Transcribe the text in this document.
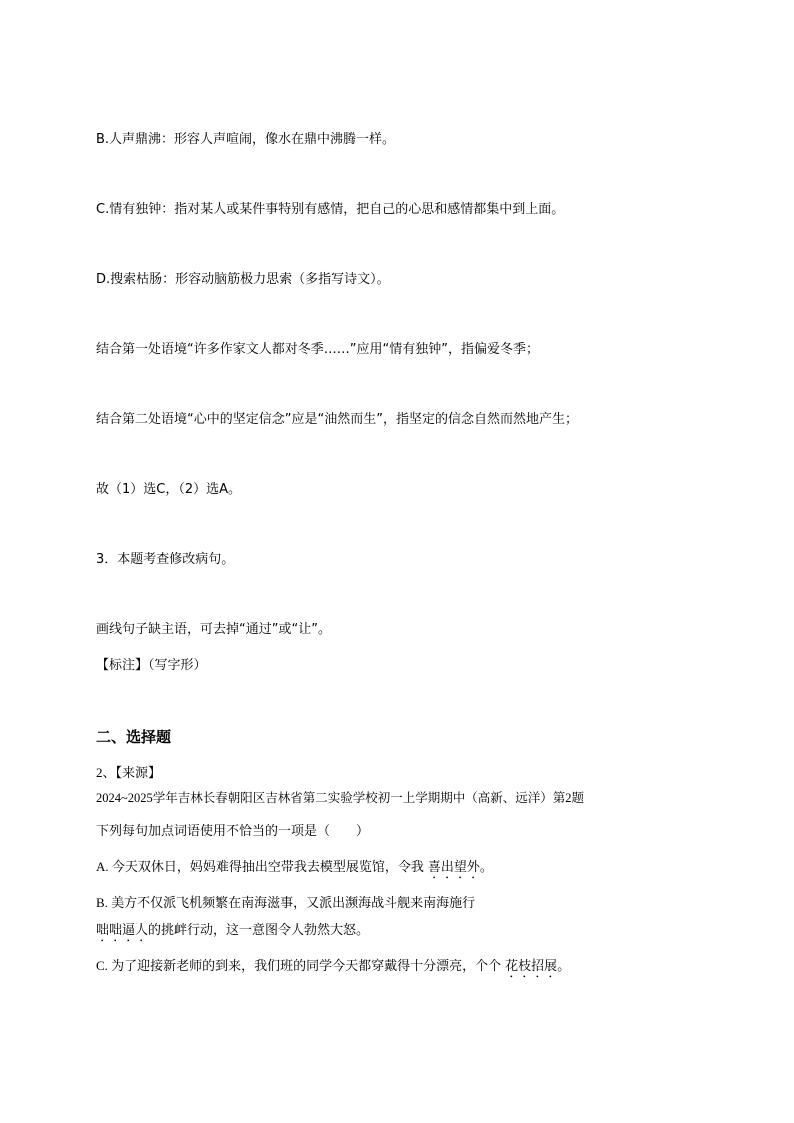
B.人声鼎沸：形容人声喧闹，像水在鼎中沸腾一样。
C.情有独钟：指对某人或某件事特别有感情，把自己的心思和感情都集中到上面。
D.搜索枯肠：形容动脑筋极力思索（多指写诗文）。
结合第一处语境“许多作家文人都对冬季……”应用“情有独钟”，指偏爱冬季；
结合第二处语境“心中的坚定信念”应是“油然而生”，指坚定的信念自然而然地产生；
故（1）选C，（2）选A。
3．本题考查修改病句。
画线句子缺主语，可去掉“通过”或“让”。
【标注】（写字形）
二、选择题
2、【来源】
2024~2025学年吉林长春朝阳区吉林省第二实验学校初一上学期期中（高新、远洋）第2题
下列每句加点词语使用不恰当的一项是（　　）
A. 今天双休日，妈妈难得抽出空带我去模型展览馆，令我 喜出望外。
B. 美方不仅派飞机频繁在南海滋事，又派出濒海战斗舰来南海施行
咄咄逼人的挑衅行动，这一意图令人勃然大怒。
C. 为了迎接新老师的到来，我们班的同学今天都穿戴得十分漂亮，个个 花枝招展。
